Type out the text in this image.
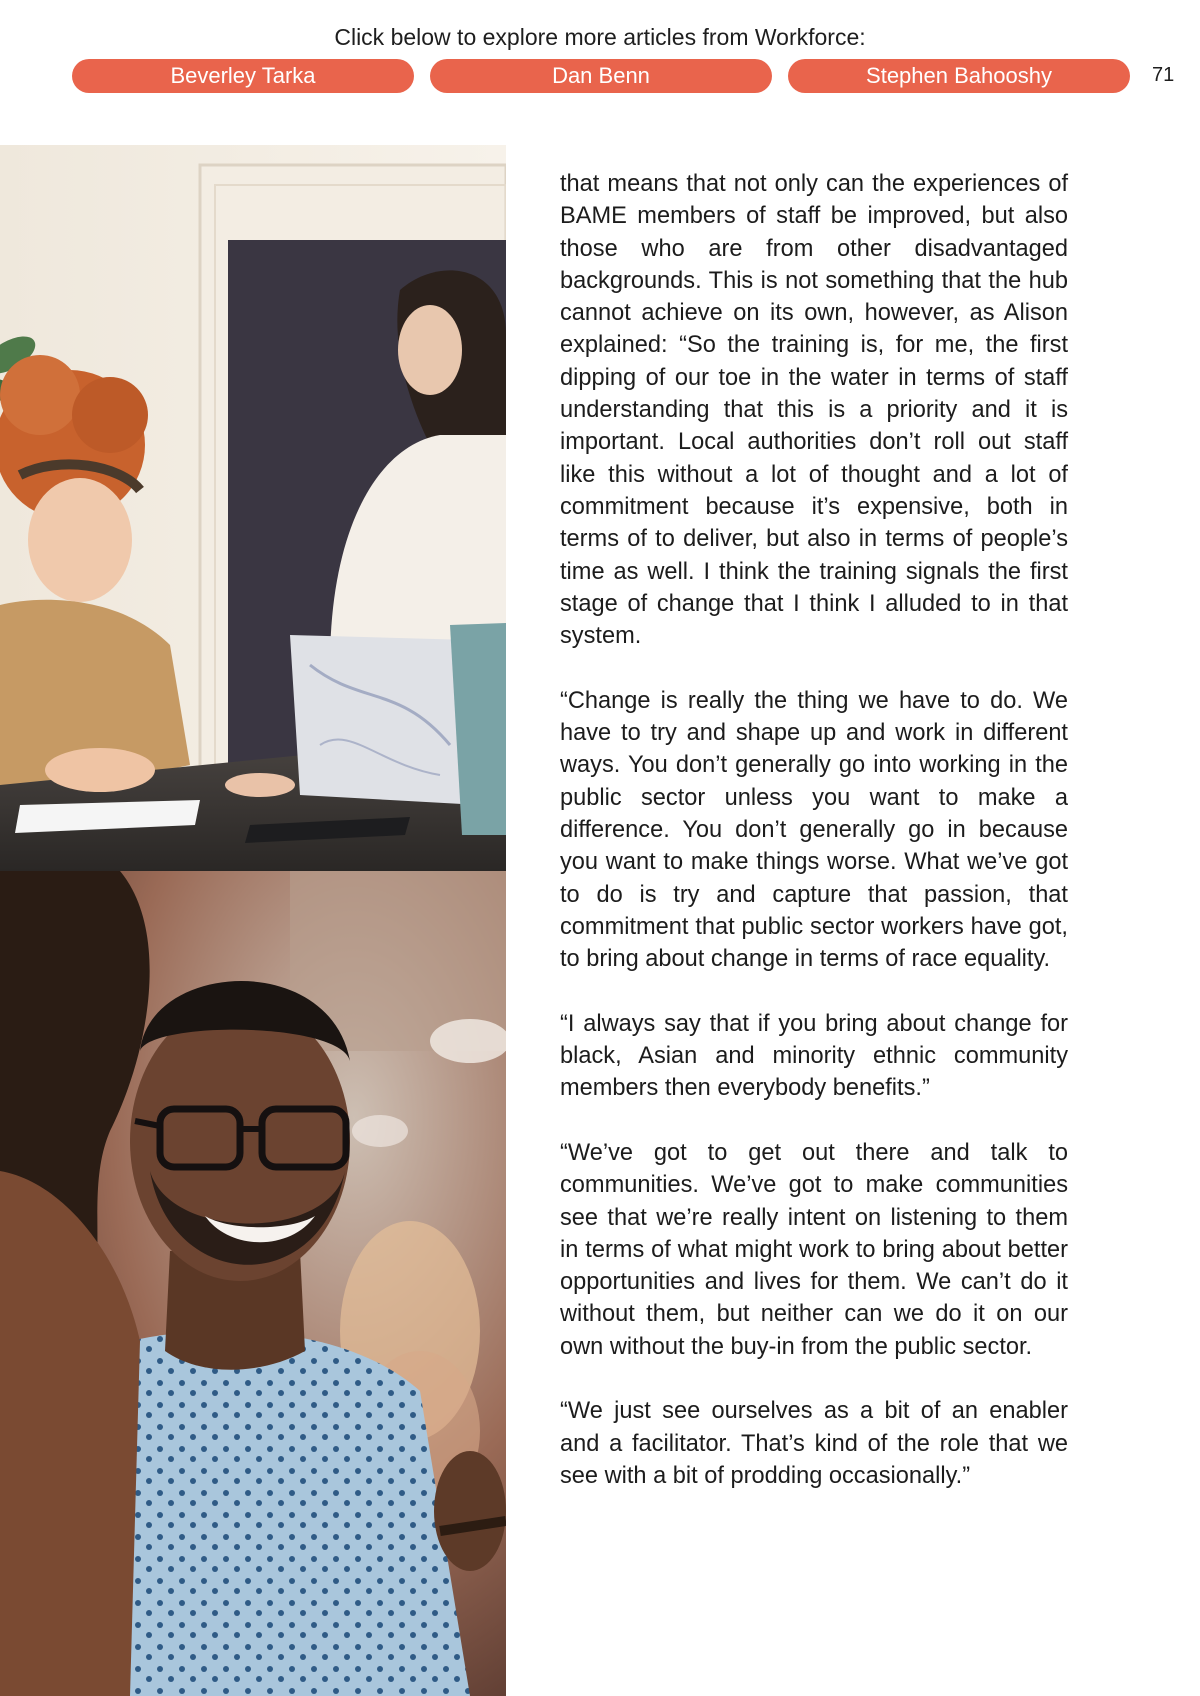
Click below to explore more articles from Workforce:
Beverley Tarka	Dan Benn	Stephen Bahooshy	71

that means that not only can the experiences of BAME members of staff be improved, but also those who are from other disadvantaged backgrounds. This is not something that the hub cannot achieve on its own, however, as Alison explained: “So the training is, for me, the first dipping of our toe in the water in terms of staff understanding that this is a priority and it is important. Local authorities don’t roll out staff like this without a lot of thought and a lot of commitment because it’s expensive, both in terms of to deliver, but also in terms of people’s time as well. I think the training signals the first stage of change that I think I alluded to in that system.

“Change is really the thing we have to do. We have to try and shape up and work in different ways. You don’t generally go into working in the public sector unless you want to make a difference. You don’t generally go in because you want to make things worse. What we’ve got to do is try and capture that passion, that commitment that public sector workers have got, to bring about change in terms of race equality.

“I always say that if you bring about change for black, Asian and minority ethnic community members then everybody benefits.”

“We’ve got to get out there and talk to communities. We’ve got to make communities see that we’re really intent on listening to them in terms of what might work to bring about better opportunities and lives for them. We can’t do it without them, but neither can we do it on our own without the buy-in from the public sector.

“We just see ourselves as a bit of an enabler and a facilitator. That’s kind of the role that we see with a bit of prodding occasionally.”
